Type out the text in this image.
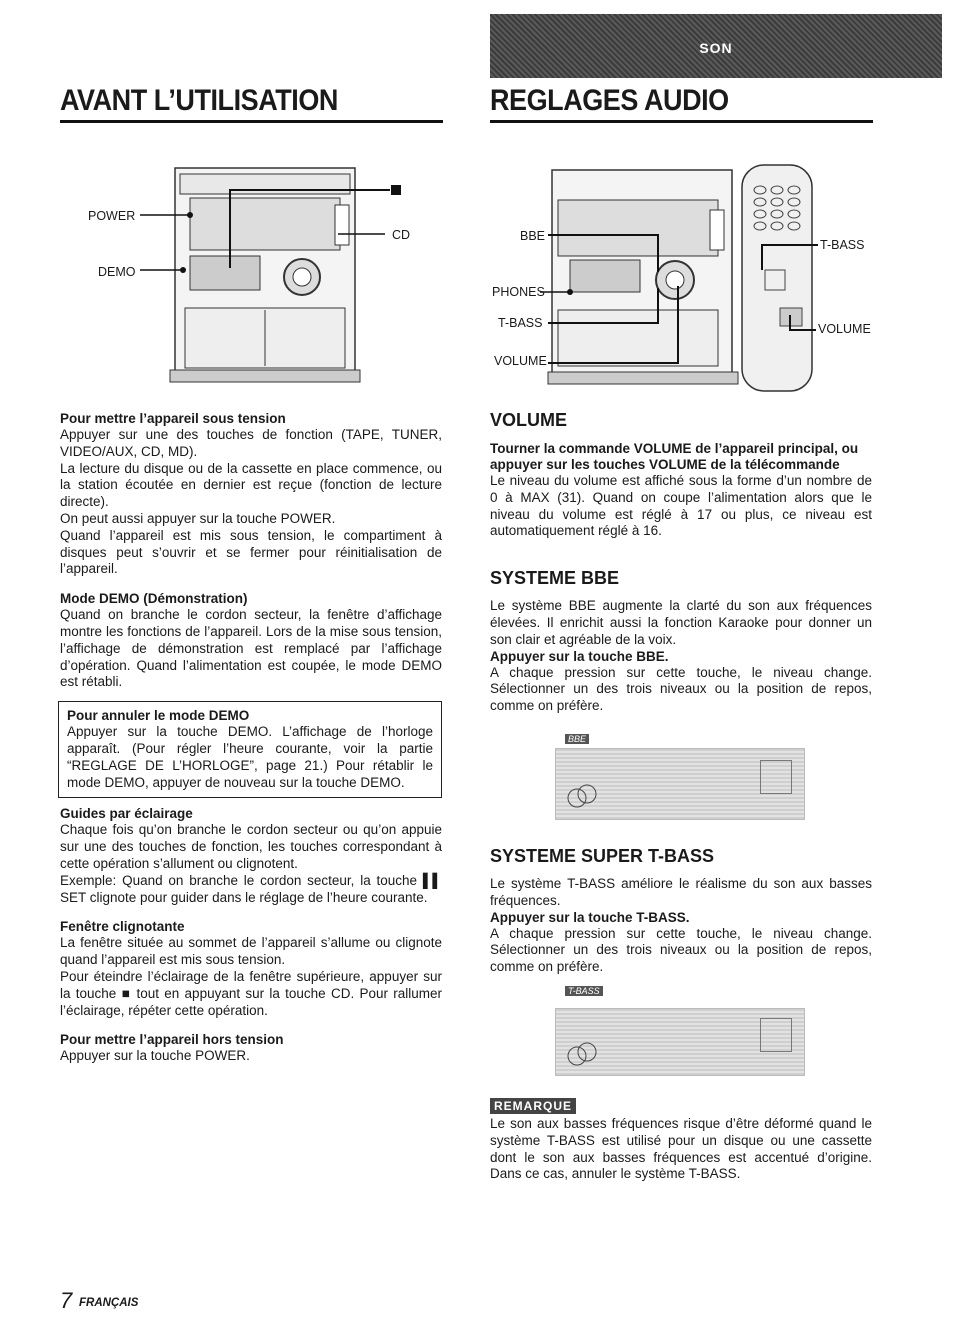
SON
AVANT L’UTILISATION	REGLAGES AUDIO
POWER
DEMO
CD	BBE
PHONES
T-BASS
VOLUME
T-BASS
VOLUME
Pour mettre l’appareil sous tension
Appuyer sur une des touches de fonction (TAPE, TUNER, VIDEO/AUX, CD, MD).
La lecture du disque ou de la cassette en place commence, ou la station écoutée en dernier est reçue (fonction de lecture directe).
On peut aussi appuyer sur la touche POWER.
Quand l’appareil est mis sous tension, le compartiment à disques peut s’ouvrir et se fermer pour réinitialisation de l’appareil.
Mode DEMO (Démonstration)
Quand on branche le cordon secteur, la fenêtre d’affichage montre les fonctions de l’appareil. Lors de la mise sous tension, l’affichage de démonstration est remplacé par l’affichage d’opération. Quand l’alimentation est coupée, le mode DEMO est rétabli.
Pour annuler le mode DEMO
Appuyer sur la touche DEMO. L’affichage de l’horloge apparaît. (Pour régler l’heure courante, voir la partie “REGLAGE DE L’HORLOGE”, page 21.) Pour rétablir le mode DEMO, appuyer de nouveau sur la touche DEMO.
Guides par éclairage
Chaque fois qu’on branche le cordon secteur ou qu’on appuie sur une des touches de fonction, les touches correspondant à cette opération s’allument ou clignotent.
Exemple: Quand on branche le cordon secteur, la touche ▌▌ SET clignote pour guider dans le réglage de l’heure courante.
Fenêtre clignotante
La fenêtre située au sommet de l’appareil s’allume ou clignote quand l’appareil est mis sous tension.
Pour éteindre l’éclairage de la fenêtre supérieure, appuyer sur la touche ■ tout en appuyant sur la touche CD. Pour rallumer l’éclairage, répéter cette opération.
Pour mettre l’appareil hors tension
Appuyer sur la touche POWER.
VOLUME
Tourner la commande VOLUME de l’appareil principal, ou appuyer sur les touches VOLUME de la télécommande
Le niveau du volume est affiché sous la forme d’un nombre de 0 à MAX (31). Quand on coupe l’alimentation alors que le niveau du volume est réglé à 17 ou plus, ce niveau est automatiquement réglé à 16.
SYSTEME BBE
Le système BBE augmente la clarté du son aux fréquences élevées. Il enrichit aussi la fonction Karaoke pour donner un son clair et agréable de la voix.
Appuyer sur la touche BBE.
A chaque pression sur cette touche, le niveau change. Sélectionner un des trois niveaux ou la position de repos, comme on préfère.
BBE
SYSTEME SUPER T-BASS
Le système T-BASS améliore le réalisme du son aux basses fréquences.
Appuyer sur la touche T-BASS.
A chaque pression sur cette touche, le niveau change. Sélectionner un des trois niveaux ou la position de repos, comme on préfère.
T-BASS
REMARQUE
Le son aux basses fréquences risque d’être déformé quand le système T-BASS est utilisé pour un disque ou une cassette dont le son aux basses fréquences est accentué d’origine. Dans ce cas, annuler le système T-BASS.
7 FRANÇAIS
